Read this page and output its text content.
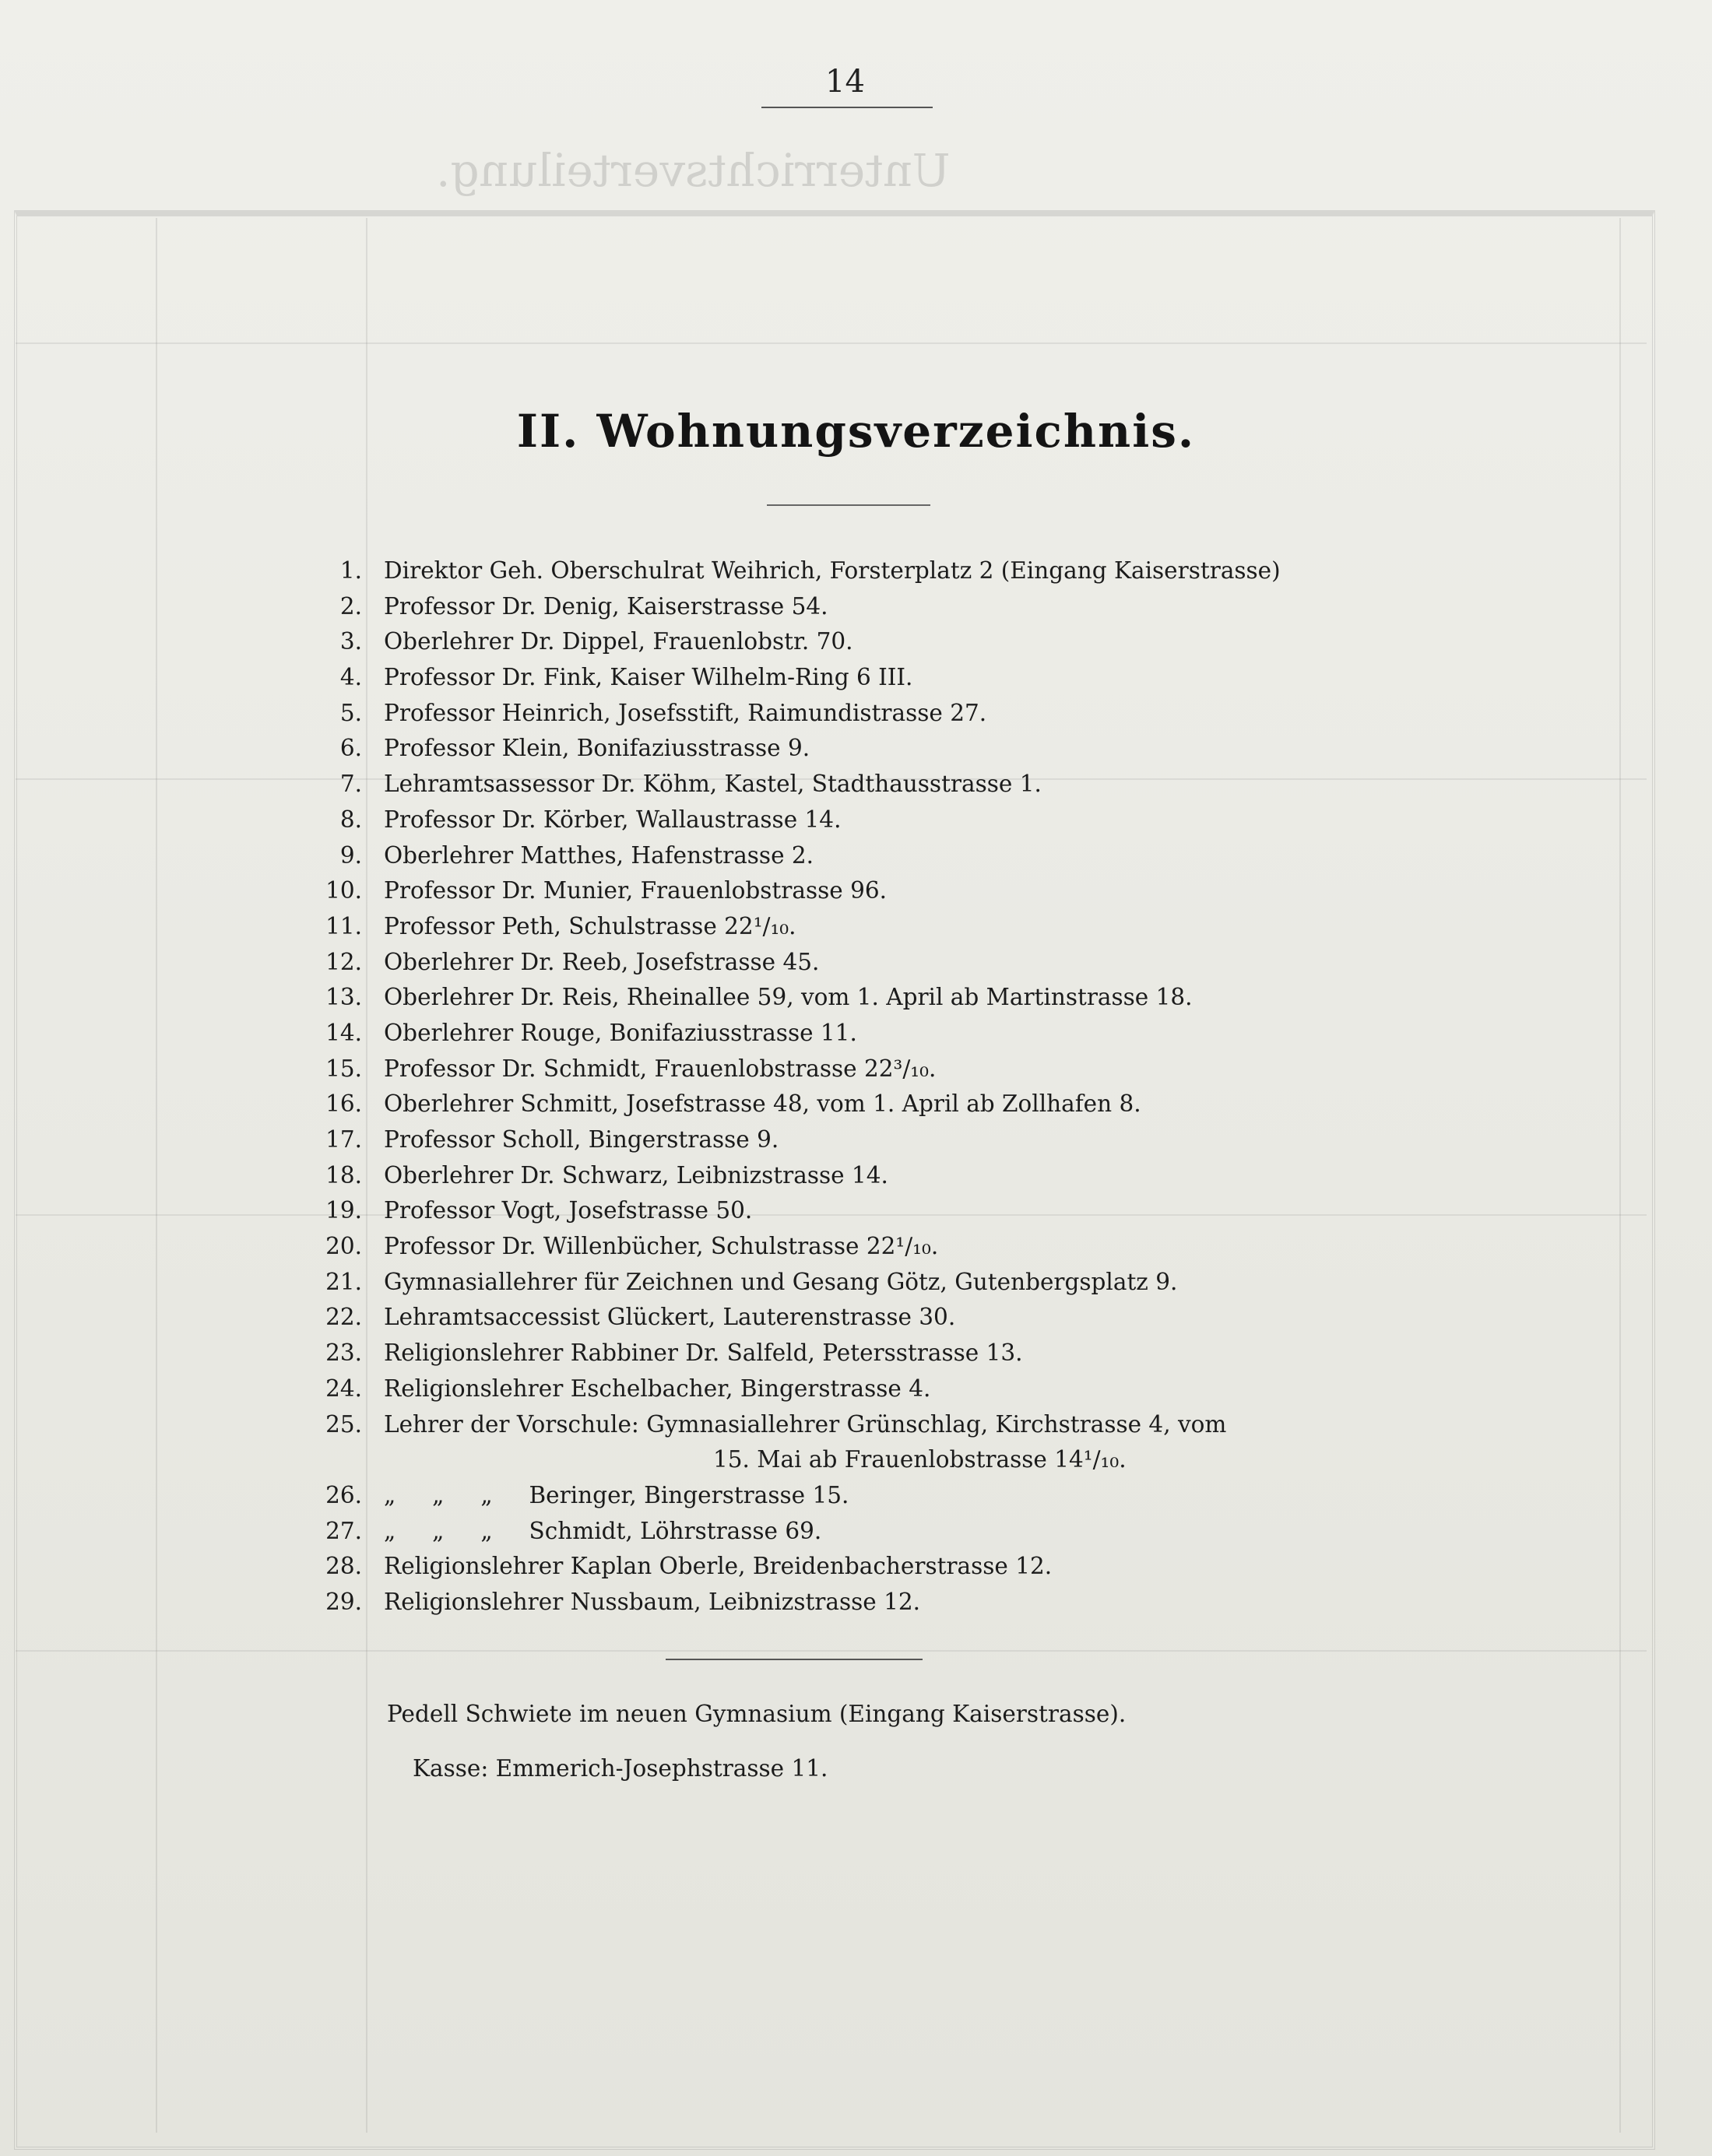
Unterrichtsverteilung.
14
II. Wohnungsverzeichnis.
1. Direktor Geh. Oberschulrat Weihrich, Forsterplatz 2 (Eingang Kaiserstrasse)
2. Professor Dr. Denig, Kaiserstrasse 54.
3. Oberlehrer Dr. Dippel, Frauenlobstr. 70.
4. Professor Dr. Fink, Kaiser Wilhelm-Ring 6 III.
5. Professor Heinrich, Josefsstift, Raimundistrasse 27.
6. Professor Klein, Bonifaziusstrasse 9.
7. Lehramtsassessor Dr. Köhm, Kastel, Stadthausstrasse 1.
8. Professor Dr. Körber, Wallaustrasse 14.
9. Oberlehrer Matthes, Hafenstrasse 2.
10. Professor Dr. Munier, Frauenlobstrasse 96.
11. Professor Peth, Schulstrasse 22¹/₁₀.
12. Oberlehrer Dr. Reeb, Josefstrasse 45.
13. Oberlehrer Dr. Reis, Rheinallee 59, vom 1. April ab Martinstrasse 18.
14. Oberlehrer Rouge, Bonifaziusstrasse 11.
15. Professor Dr. Schmidt, Frauenlobstrasse 22³/₁₀.
16. Oberlehrer Schmitt, Josefstrasse 48, vom 1. April ab Zollhafen 8.
17. Professor Scholl, Bingerstrasse 9.
18. Oberlehrer Dr. Schwarz, Leibnizstrasse 14.
19. Professor Vogt, Josefstrasse 50.
20. Professor Dr. Willenbücher, Schulstrasse 22¹/₁₀.
21. Gymnasiallehrer für Zeichnen und Gesang Götz, Gutenbergsplatz 9.
22. Lehramtsaccessist Glückert, Lauterenstrasse 30.
23. Religionslehrer Rabbiner Dr. Salfeld, Petersstrasse 13.
24. Religionslehrer Eschelbacher, Bingerstrasse 4.
25. Lehrer der Vorschule: Gymnasiallehrer Grünschlag, Kirchstrasse 4, vom
15. Mai ab Frauenlobstrasse 14¹/₁₀.
26. „     „     „     Beringer, Bingerstrasse 15.
27. „     „     „     Schmidt, Löhrstrasse 69.
28. Religionslehrer Kaplan Oberle, Breidenbacherstrasse 12.
29. Religionslehrer Nussbaum, Leibnizstrasse 12.
Pedell Schwiete im neuen Gymnasium (Eingang Kaiserstrasse).
Kasse: Emmerich-Josephstrasse 11.
